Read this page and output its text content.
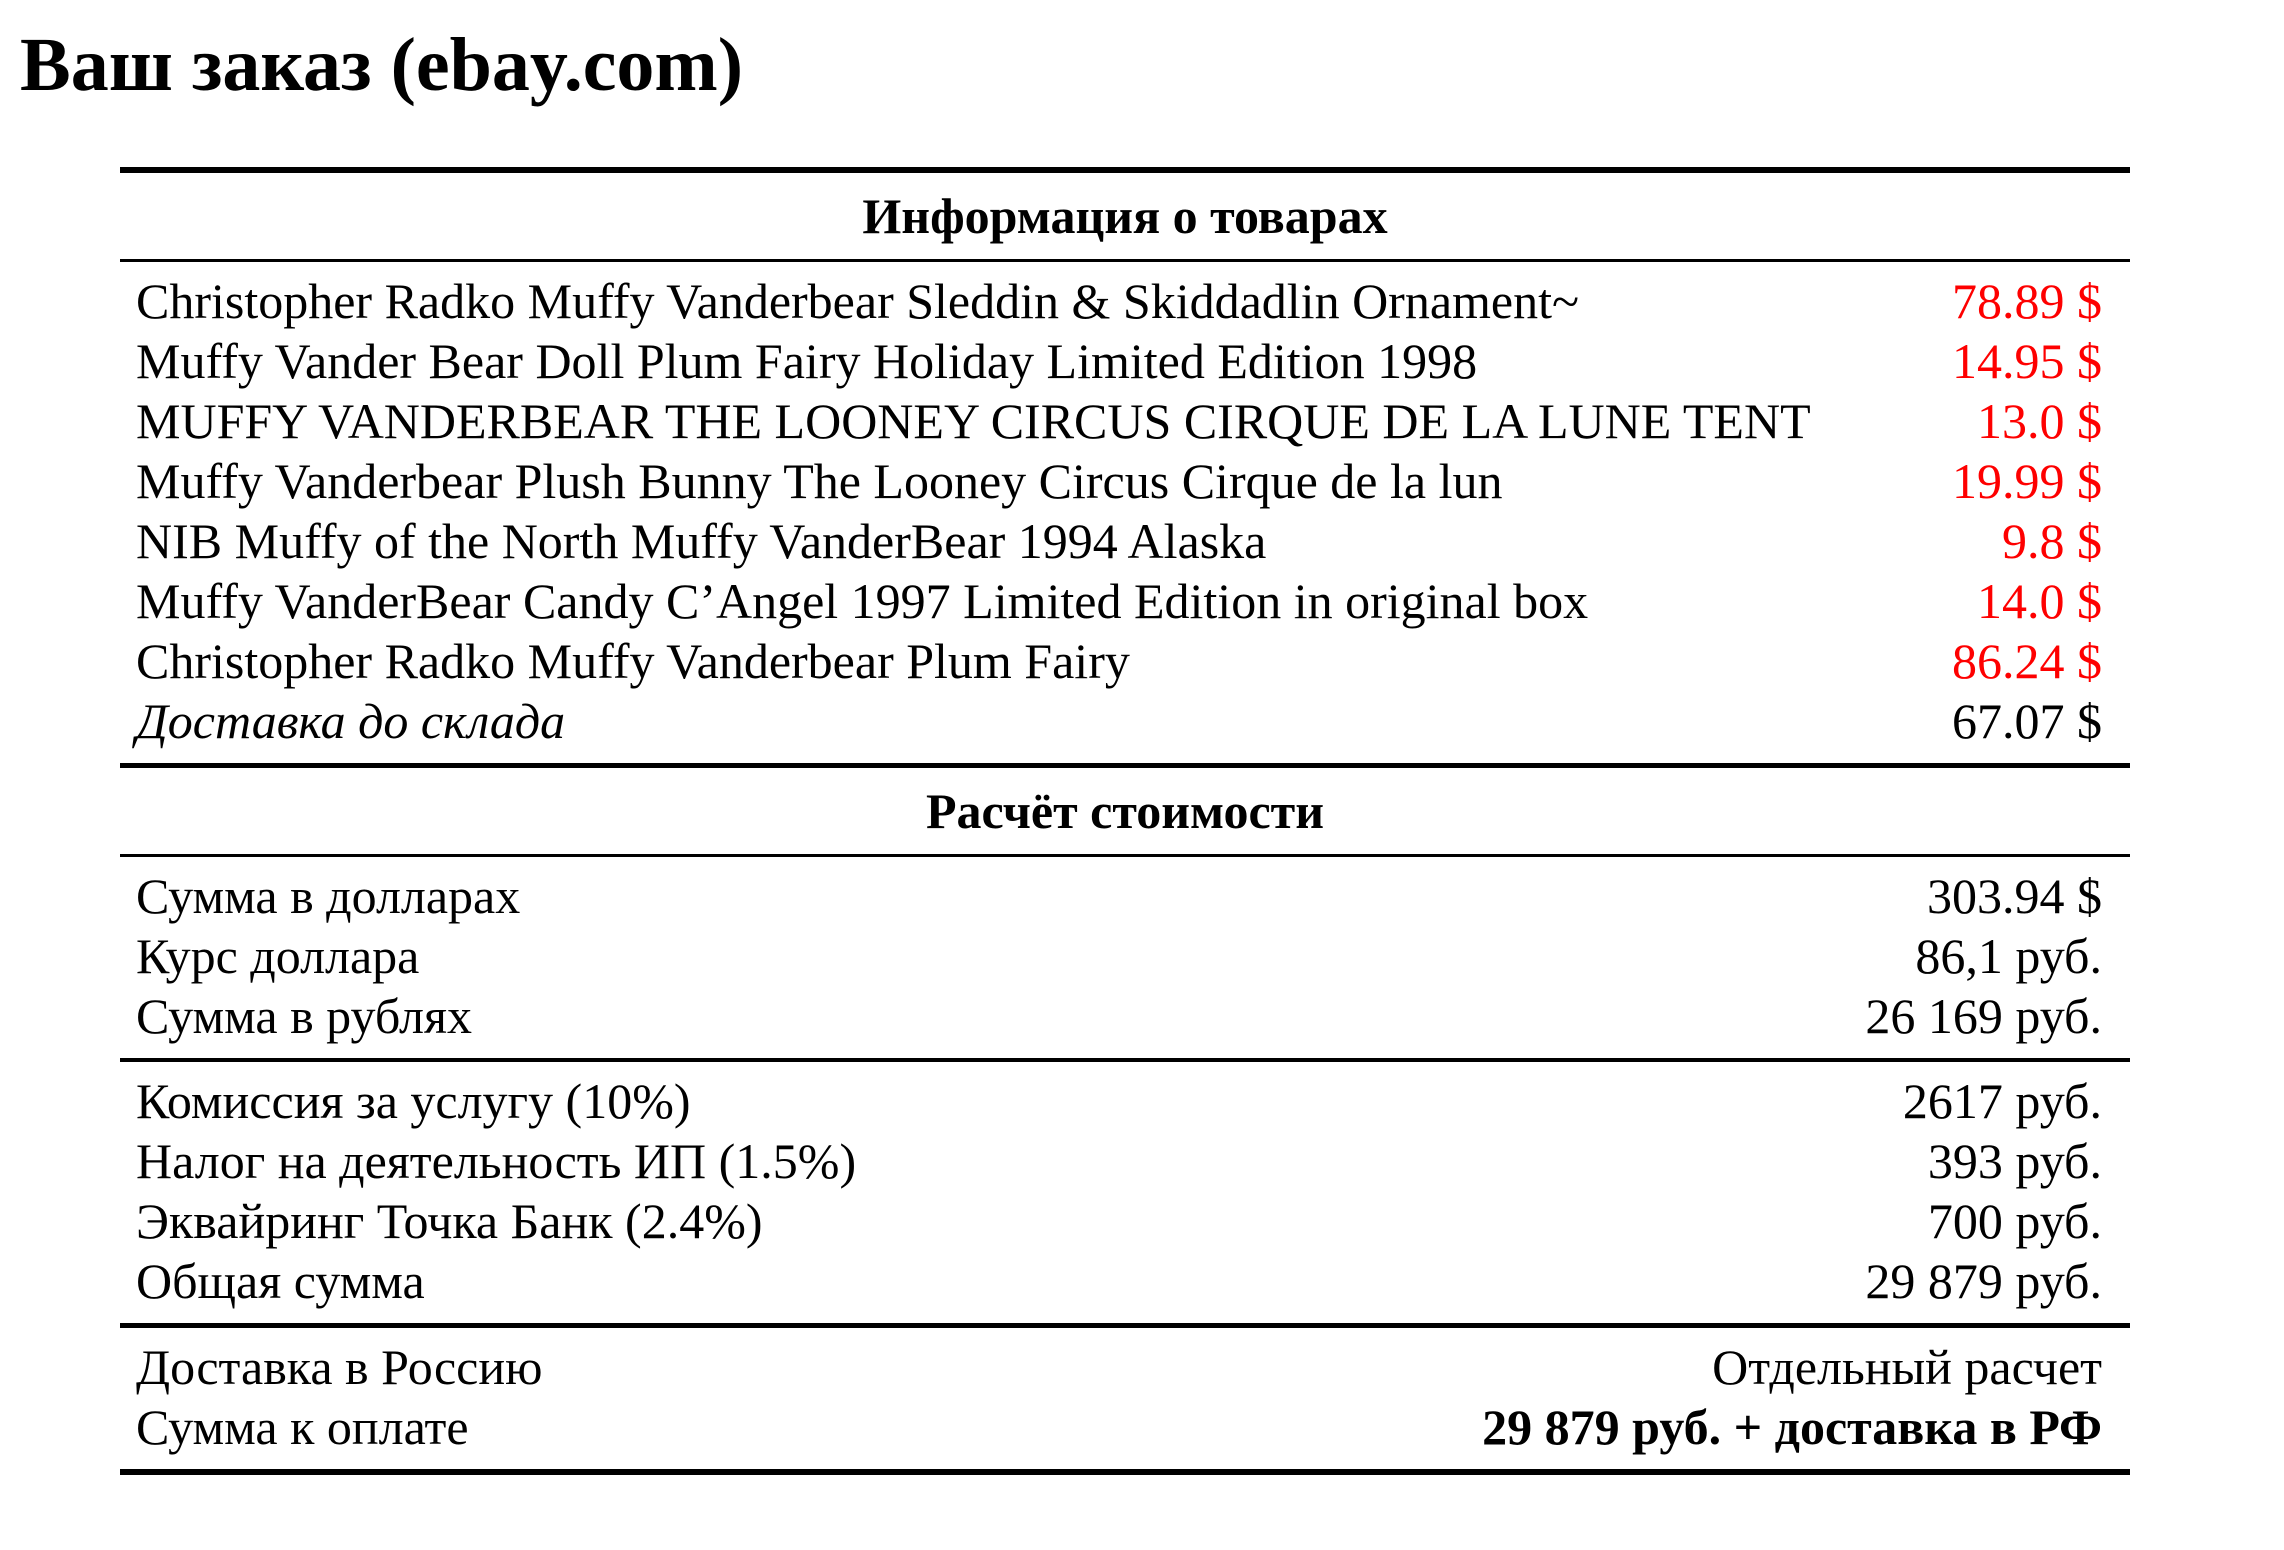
Ваш заказ (ebay.com)
Информация о товарах
Christopher Radko Muffy Vanderbear Sleddin & Skiddadlin Ornament~	78.89 $
Muffy Vander Bear Doll Plum Fairy Holiday Limited Edition 1998	14.95 $
MUFFY VANDERBEAR THE LOONEY CIRCUS CIRQUE DE LA LUNE TENT	13.0 $
Muffy Vanderbear Plush Bunny The Looney Circus Cirque de la lun	19.99 $
NIB Muffy of the North Muffy VanderBear 1994 Alaska	9.8 $
Muffy VanderBear Candy C’Angel 1997 Limited Edition in original box	14.0 $
Christopher Radko Muffy Vanderbear Plum Fairy	86.24 $
Доставка до склада	67.07 $
Расчёт стоимости
Сумма в долларах	303.94 $
Курс доллара	86,1 руб.
Сумма в рублях	26 169 руб.
Комиссия за услугу (10%)	2617 руб.
Налог на деятельность ИП (1.5%)	393 руб.
Эквайринг Точка Банк (2.4%)	700 руб.
Общая сумма	29 879 руб.
Доставка в Россию	Отдельный расчет
Сумма к оплате	29 879 руб. + доставка в РФ
